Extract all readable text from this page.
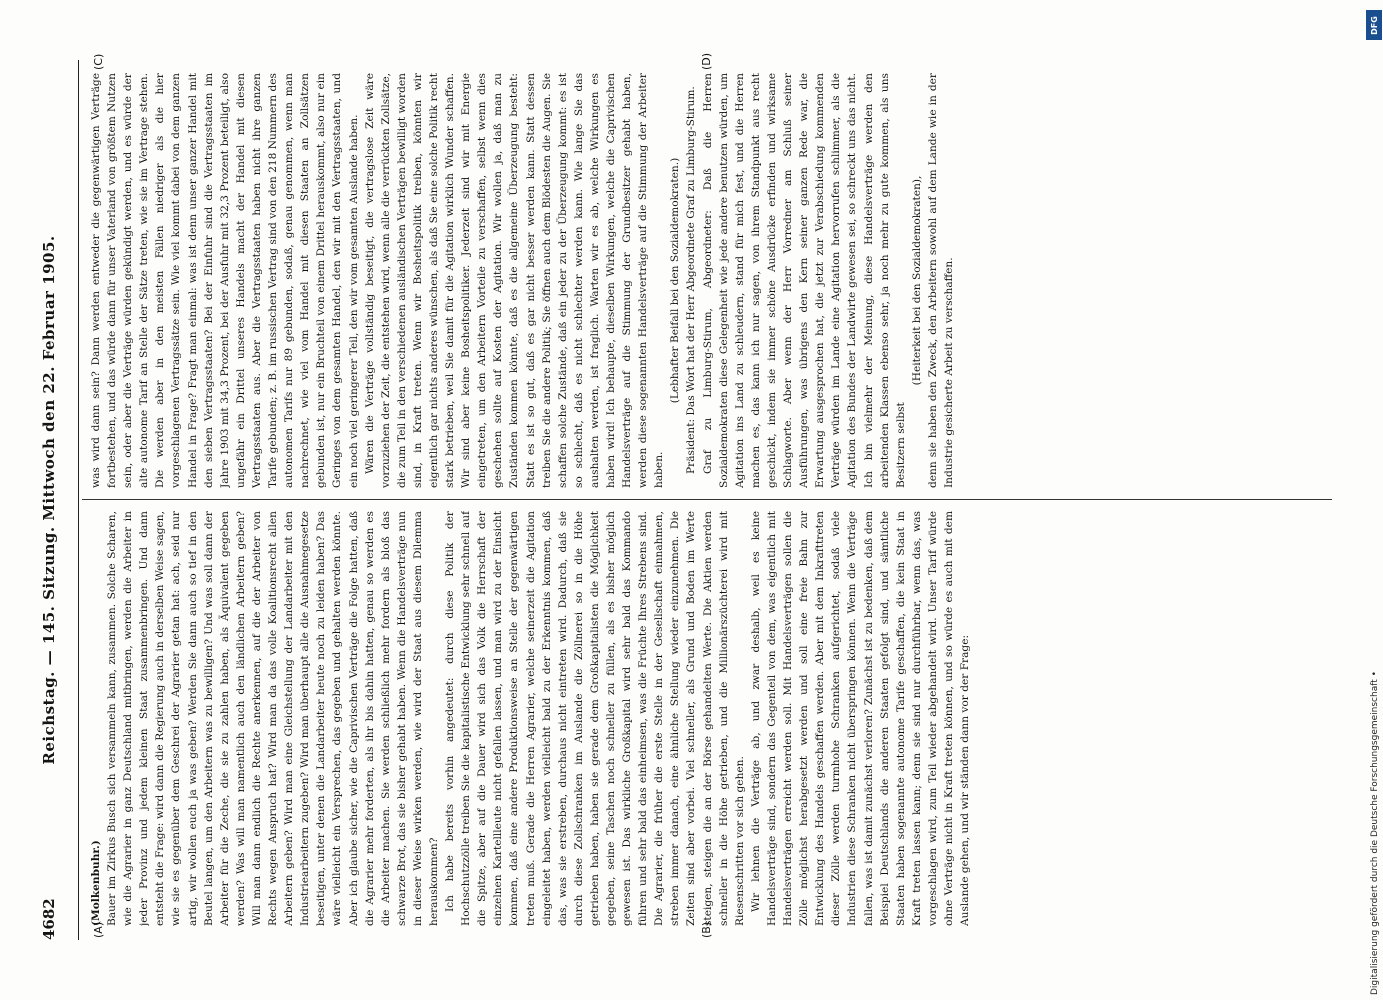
4682
Reichstag. — 145. Sitzung. Mittwoch den 22. Februar 1905.
(A)	(B)
(C)	(D)

(Molkenbuhr.) Bauer im Zirkus Busch sich versammeln kann, zusammen. Solche Scharen, wie die Agrarier in ganz Deutschland mitbringen, werden die Arbeiter in jeder Provinz und jedem kleinen Staat zusammenbringen. Und dann entsteht die Frage: wird dann die Regierung auch in derselben Weise sagen, wie sie es gegenüber dem Geschrei der Agrarier getan hat: ach, seid nur artig, wir wollen euch ja was geben? Werden Sie dann auch so tief in den Beutel langen, um den Arbeitern was zu bewilligen? Und was soll dann der Arbeiter für die Zeche, die sie zu zahlen haben, als Äquivalent gegeben werden? Was will man namentlich auch den ländlichen Arbeitern geben? Will man dann endlich die Rechte anerkennen, auf die der Arbeiter von Rechts wegen Anspruch hat? Wird man da das volle Koalitionsrecht allen Arbeitern geben? Wird man eine Gleichstellung der Landarbeiter mit den Industriearbeitern zugeben? Wird man überhaupt alle die Ausnahmegesetze beseitigen, unter denen die Landarbeiter heute noch zu leiden haben? Das wäre vielleicht ein Versprechen, das gegeben und gehalten werden könnte. Aber ich glaube sicher, wie die Caprivischen Verträge die Folge hatten, daß die Agrarier mehr forderten, als ihr bis dahin hatten, genau so werden es die Arbeiter machen. Sie werden schließlich mehr fordern als bloß das schwarze Brot, das sie bisher gehabt haben. Wenn die Handelsverträge nun in dieser Weise wirken werden, wie wird der Staat aus diesem Dilemma herauskommen? Ich habe bereits vorhin angedeutet: durch diese Politik der Hochschutzzölle treiben Sie die kapitalistische Entwicklung sehr schnell auf die Spitze, aber auf die Dauer wird sich das Volk die Herrschaft der einzelnen Kartellleute nicht gefallen lassen, und man wird zu der Einsicht kommen, daß eine andere Produktionsweise an Stelle der gegenwärtigen treten muß. Gerade die Herren Agrarier, welche seinerzeit die Agitation eingeleitet haben, werden vielleicht bald zu der Erkenntnis kommen, daß das, was sie erstreben, durchaus nicht eintreten wird. Dadurch, daß sie durch diese Zollschranken im Auslande die Zöllnerei so in die Höhe getrieben haben, haben sie gerade dem Großkapitalisten die Möglichkeit gegeben, seine Taschen noch schneller zu füllen, als es bisher möglich gewesen ist. Das wirkliche Großkapital wird sehr bald das Kommando führen und sehr bald das einheimsen, was die Früchte Ihres Strebens sind. Die Agrarier, die früher die erste Stelle in der Gesellschaft einnahmen, streben immer danach, eine ähnliche Stellung wieder einzunehmen. Die Zeiten sind aber vorbei. Viel schneller, als Grund und Boden im Werte steigen, steigen die an der Börse gehandelten Werte. Die Aktien werden schneller in die Höhe getrieben, und die Millionärszüchterei wird mit Riesenschritten vor sich gehen. Wir lehnen die Verträge ab, und zwar deshalb, weil es keine Handelsverträge sind, sondern das Gegenteil von dem, was eigentlich mit Handelsverträgen erreicht werden soll. Mit Handelsverträgen sollen die Zölle möglichst herabgesetzt werden und soll eine freie Bahn zur Entwicklung des Handels geschaffen werden. Aber mit dem Inkrafttreten dieser Zölle werden turmhohe Schranken aufgerichtet, sodaß viele Industrien diese Schranken nicht überspringen können. Wenn die Verträge fallen, was ist damit zunächst verloren? Zunächst ist zu bedenken, daß dem Beispiel Deutschlands die anderen Staaten gefolgt sind, und sämtliche Staaten haben sogenannte autonome Tarife geschaffen, die kein Staat in Kraft treten lassen kann; denn sie sind nur durchführbar, wenn das, was vorgeschlagen wird, zum Teil wieder abgehandelt wird. Unser Tarif würde ohne Verträge nicht in Kraft treten können, und so würde es auch mit dem Auslande gehen, und wir ständen dann vor der Frage:

was wird dann sein? Dann werden entweder die gegenwärtigen Verträge fortbestehen, und das würde dann für unser Vaterland von größtem Nutzen sein, oder aber die Verträge würden gekündigt werden, und es würde der alte autonome Tarif an Stelle der Sätze treten, wie sie im Vertrage stehen. Die werden aber in den meisten Fällen niedriger als die hier vorgeschlagenen Vertragssätze sein. Wie viel kommt dabei von dem ganzen Handel in Frage? Fragt man einmal: was ist denn unser ganzer Handel mit den sieben Vertragsstaaten? Bei der Einfuhr sind die Vertragsstaaten im Jahre 1903 mit 34,3 Prozent, bei der Ausfuhr mit 32,3 Prozent beteiligt, also ungefähr ein Drittel unseres Handels macht der Handel mit diesen Vertragsstaaten aus. Aber die Vertragsstaaten haben nicht ihre ganzen Tarife gebunden; z. B. im russischen Vertrag sind von den 218 Nummern des autonomen Tarifs nur 89 gebunden, sodaß, genau genommen, wenn man nachrechnet, wie viel vom Handel mit diesen Staaten an Zollsätzen gebunden ist, nur ein Bruchteil von einem Drittel herauskommt, also nur ein Geringes von dem gesamten Handel, den wir mit den Vertragsstaaten, und ein noch viel geringerer Teil, den wir vom gesamten Auslande haben. Wären die Verträge vollständig beseitigt, die vertragslose Zeit wäre vorzuziehen der Zeit, die entstehen wird, wenn alle die verrückten Zollsätze, die zum Teil in den verschiedenen ausländischen Verträgen bewilligt worden sind, in Kraft treten. Wenn wir Bosheitspolitik treiben, könnten wir eigentlich gar nichts anderes wünschen, als daß Sie eine solche Politik recht stark betrieben, weil Sie damit für die Agitation wirklich Wunder schaffen. Wir sind aber keine Bosheitspolitiker. Jederzeit sind wir mit Energie eingetreten, um den Arbeitern Vorteile zu verschaffen, selbst wenn dies geschehen sollte auf Kosten der Agitation. Wir wollen ja, daß man zu Zuständen kommen könnte, daß es die allgemeine Überzeugung besteht: Statt es ist so gut, daß es gar nicht besser werden kann. Statt dessen treiben Sie die andere Politik; Sie öffnen auch dem Blödesten die Augen. Sie schaffen solche Zustände, daß ein jeder zu der Überzeugung kommt: es ist so schlecht, daß es nicht schlechter werden kann. Wie lange Sie das aushalten werden, ist fraglich. Warten wir es ab, welche Wirkungen es haben wird! Ich behaupte, dieselben Wirkungen, welche die Caprivischen Handelsverträge auf die Stimmung der Grundbesitzer gehabt haben, werden diese sogenannten Handelsverträge auf die Stimmung der Arbeiter haben.

(Lebhafter Beifall bei den Sozialdemokraten.) Präsident: Das Wort hat der Herr Abgeordnete Graf zu Limburg-Stirum. Graf zu Limburg-Stirum, Abgeordneter: Daß die Herren Sozialdemokraten diese Gelegenheit wie jede andere benutzen würden, um Agitation ins Land zu schleudern, stand für mich fest, und die Herren machen es, das kann ich nur sagen, von ihrem Standpunkt aus recht geschickt, indem sie immer schöne Ausdrücke erfinden und wirksame Schlagworte. Aber wenn der Herr Vorredner am Schluß seiner Ausführungen, was übrigens den Kern seiner ganzen Rede war, die Erwartung ausgesprochen hat, die jetzt zur Verabschiedung kommenden Verträge würden im Lande eine Agitation hervorrufen schlimmer, als die Agitation des Bundes der Landwirte gewesen sei, so schreckt uns das nicht. Ich bin vielmehr der Meinung, diese Handelsverträge werden den arbeitenden Klassen ebenso sehr, ja noch mehr zu gute kommen, als uns Besitzern selbst

(Heiterkeit bei den Sozialdemokraten), denn sie haben den Zweck, den Arbeitern sowohl auf dem Lande wie in der Industrie gesicherte Arbeit zu verschaffen.

DFG
Digitalisierung gefördert durch die Deutsche Forschungsgemeinschaft •
